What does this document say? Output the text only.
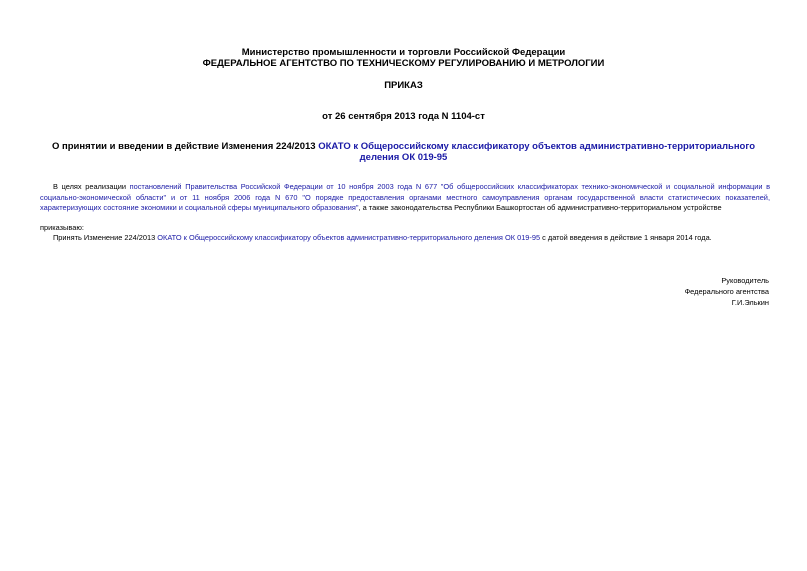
Министерство промышленности и торговли Российской Федерации
ФЕДЕРАЛЬНОЕ АГЕНТСТВО ПО ТЕХНИЧЕСКОМУ РЕГУЛИРОВАНИЮ И МЕТРОЛОГИИ
ПРИКАЗ
от 26 сентября 2013 года N 1104-ст
О принятии и введении в действие Изменения 224/2013 ОКАТО к Общероссийскому классификатору объектов административно-территориального деления ОК 019-95
В целях реализации постановлений Правительства Российской Федерации от 10 ноября 2003 года N 677 "Об общероссийских классификаторах технико-экономической и социальной информации в социально-экономической области" и от 11 ноября 2006 года N 670 "О порядке предоставления органами местного самоуправления органам государственной власти статистических показателей, характеризующих состояние экономики и социальной сферы муниципального образования", а также законодательства Республики Башкортостан об административно-территориальном устройстве
приказываю:
Принять Изменение 224/2013 ОКАТО к Общероссийскому классификатору объектов административно-территориального деления ОК 019-95 с датой введения в действие 1 января 2014 года.
Руководитель
Федерального агентства
Г.И.Элькин
